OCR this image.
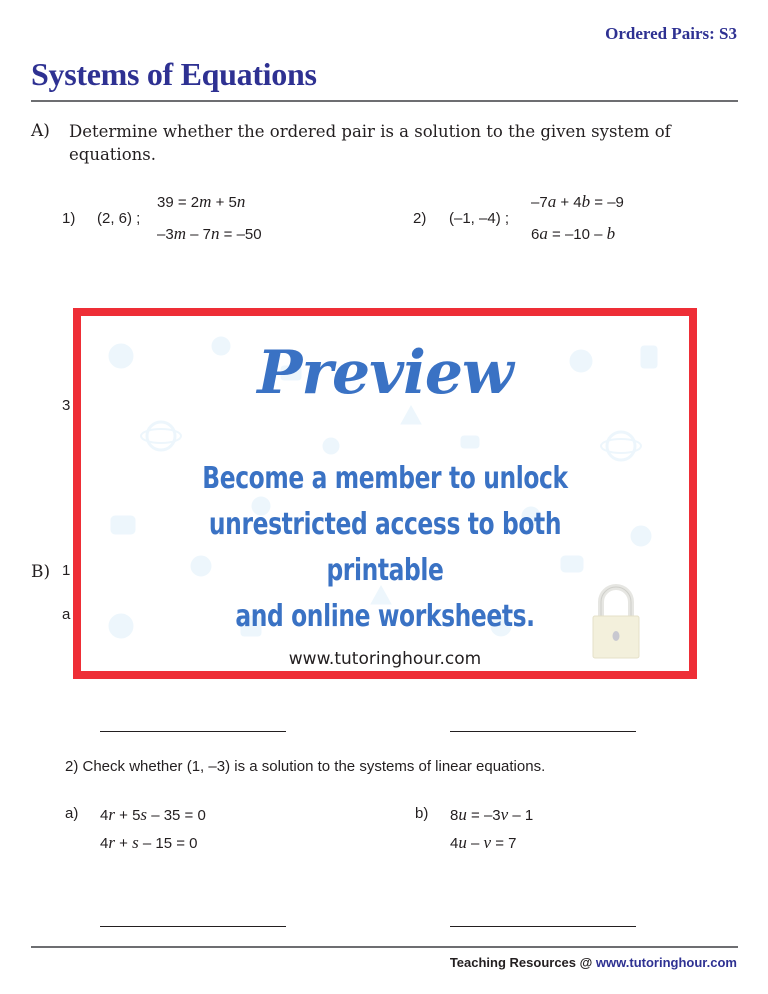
Ordered Pairs: S3
Systems of Equations
A) Determine whether the ordered pair is a solution to the given system of
equations.
1) (2, 6) ;
39 = 2m + 5n
–3m – 7n = –50
2) (–1, –4) ;
–7a + 4b = –9
6a = –10 – b
3
B) 1
a
Preview
Become a member to unlock
unrestricted access to both printable
and online worksheets.
www.tutoringhour.com
2) Check whether (1, –3) is a solution to the systems of linear equations.
a) 4r + 5s – 35 = 0
4r + s – 15 = 0
b) 8u = –3v – 1
4u – v = 7
Teaching Resources @ www.tutoringhour.com
